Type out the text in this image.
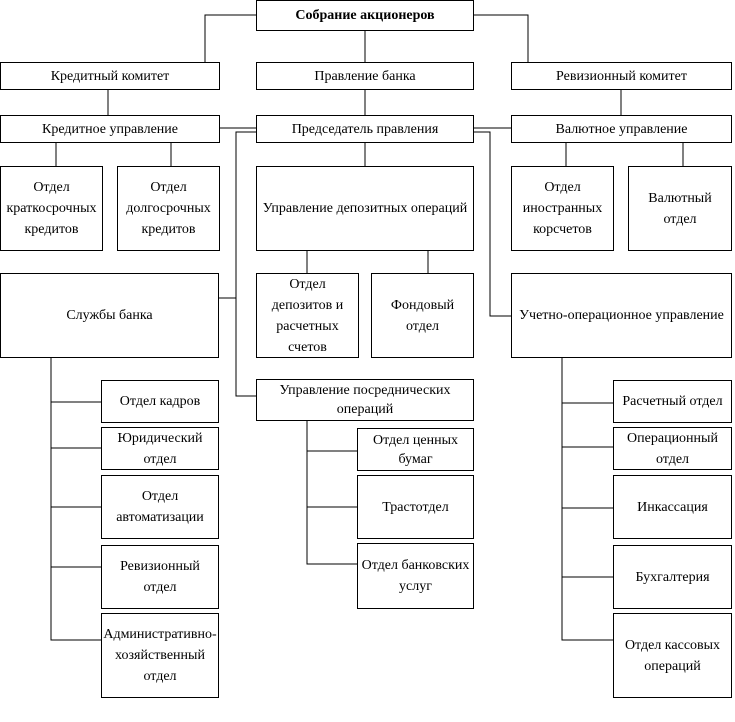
Собрание акционеров
Кредитный комитет	Правление банка	Ревизионный комитет
Кредитное управление	Председатель правления	Валютное управление
Отдел краткосрочных кредитов
Отдел долгосрочных кредитов
Управление депозитных операций
Отдел иностранных корсчетов
Валютный отдел
Отдел депозитов и расчетных счетов
Фондовый отдел
Службы банка	Учетно-операционное управление
Управление посреднических операций
Отдел кадров
Юридический отдел
Отдел автоматизации
Ревизионный отдел
Административно-хозяйственный отдел
Отдел ценных бумаг
Трастотдел
Отдел банковских услуг
Расчетный отдел
Операционный отдел
Инкассация
Бухгалтерия
Отдел кассовых операций
